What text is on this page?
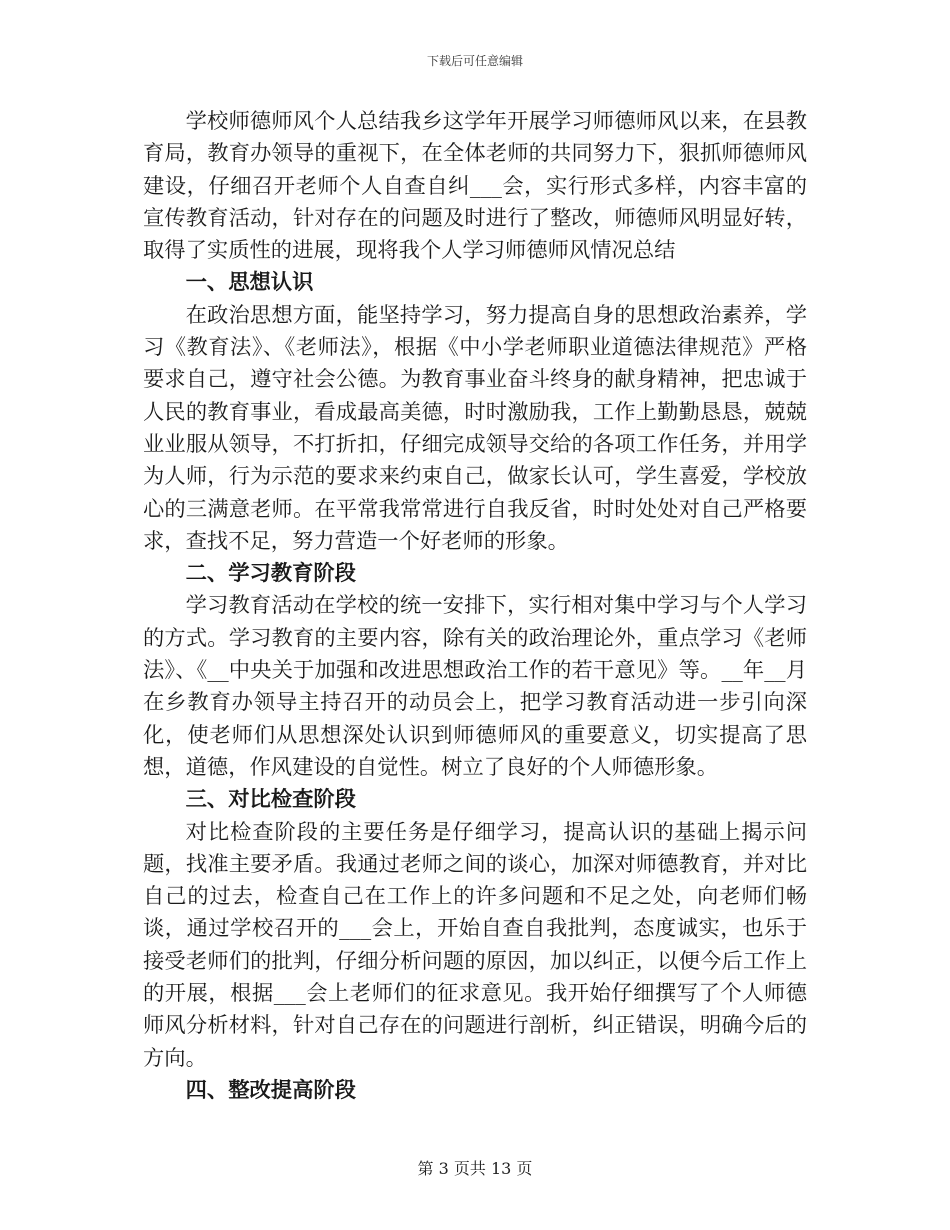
下载后可任意编辑

学校师德师风个人总结我乡这学年开展学习师德师风以来，在县教育局，教育办领导的重视下，在全体老师的共同努力下，狠抓师德师风建设，仔细召开老师个人自查自纠___会，实行形式多样，内容丰富的宣传教育活动，针对存在的问题及时进行了整改，师德师风明显好转，取得了实质性的进展，现将我个人学习师德师风情况总结

一、思想认识

在政治思想方面，能坚持学习，努力提高自身的思想政治素养，学习《教育法》、《老师法》，根据《中小学老师职业道德法律规范》严格要求自己，遵守社会公德。为教育事业奋斗终身的献身精神，把忠诚于人民的教育事业，看成最高美德，时时激励我，工作上勤勤恳恳，兢兢业业服从领导，不打折扣，仔细完成领导交给的各项工作任务，并用学为人师，行为示范的要求来约束自己，做家长认可，学生喜爱，学校放心的三满意老师。在平常我常常进行自我反省，时时处处对自己严格要求，查找不足，努力营造一个好老师的形象。

二、学习教育阶段

学习教育活动在学校的统一安排下，实行相对集中学习与个人学习的方式。学习教育的主要内容，除有关的政治理论外，重点学习《老师法》、《__中央关于加强和改进思想政治工作的若干意见》等。__年__月在乡教育办领导主持召开的动员会上，把学习教育活动进一步引向深化，使老师们从思想深处认识到师德师风的重要意义，切实提高了思想，道德，作风建设的自觉性。树立了良好的个人师德形象。

三、对比检查阶段

对比检查阶段的主要任务是仔细学习，提高认识的基础上揭示问题，找准主要矛盾。我通过老师之间的谈心，加深对师德教育，并对比自己的过去，检查自己在工作上的许多问题和不足之处，向老师们畅谈，通过学校召开的___会上，开始自查自我批判，态度诚实，也乐于接受老师们的批判，仔细分析问题的原因，加以纠正，以便今后工作上的开展，根据___会上老师们的征求意见。我开始仔细撰写了个人师德师风分析材料，针对自己存在的问题进行剖析，纠正错误，明确今后的方向。

四、整改提高阶段

第 3 页共 13 页
